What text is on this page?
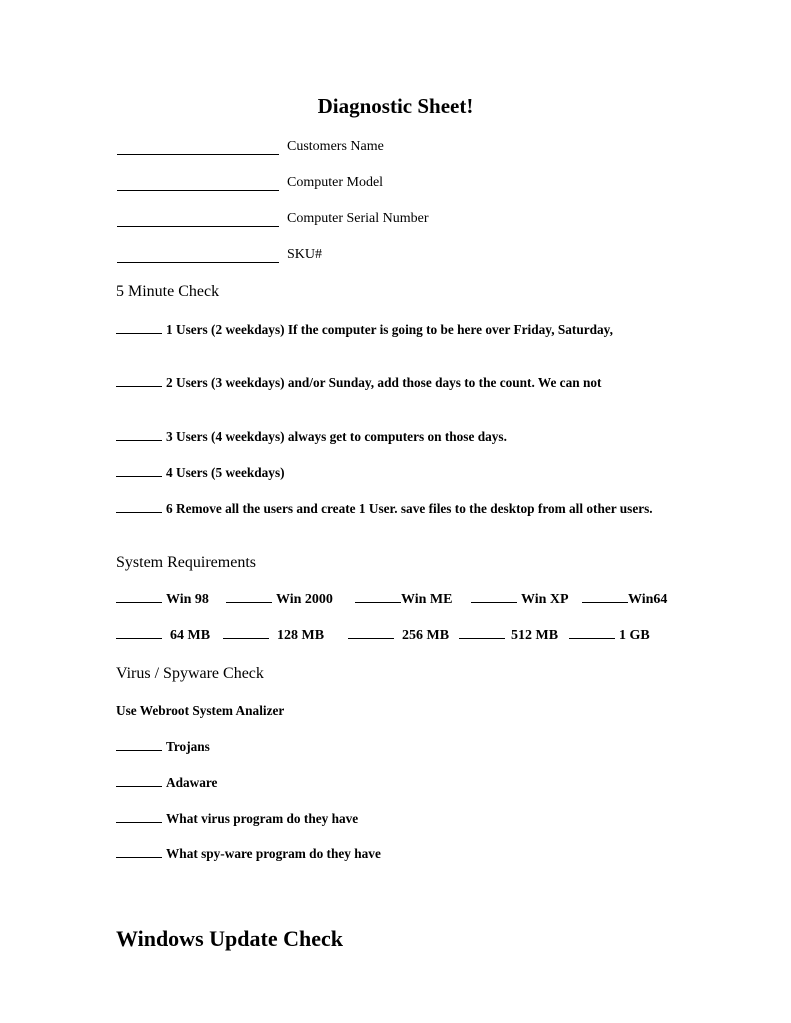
Diagnostic Sheet!
Customers Name
Computer Model
Computer Serial Number
SKU#
5 Minute Check
1 Users (2 weekdays) If the computer is going to be here over Friday, Saturday,
2 Users (3 weekdays) and/or Sunday, add those days to the count. We can not
3 Users (4 weekdays) always get to computers on those days.
4 Users (5 weekdays)
6 Remove all the users and create 1 User. save files to the desktop from all other users.
System Requirements
Win 98	Win 2000	Win ME	Win XP	Win64
64 MB	128 MB	256 MB	512 MB	1 GB
Virus / Spyware Check
Use Webroot System Analizer
Trojans
Adaware
What virus program do they have
What spy-ware program do they have
Windows Update Check
